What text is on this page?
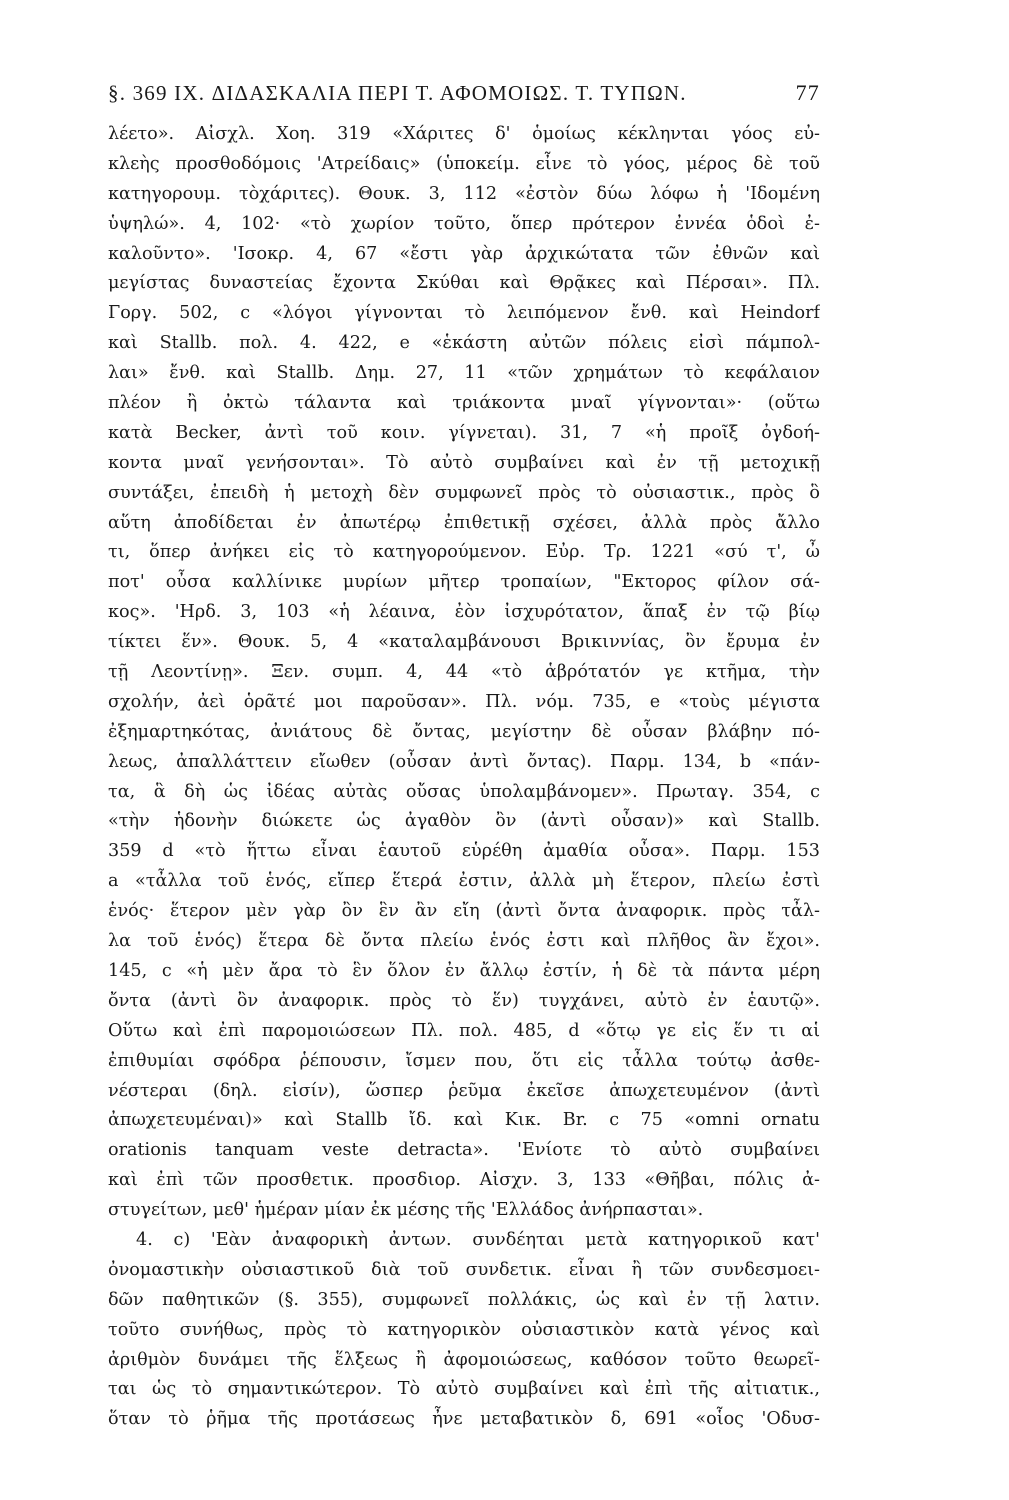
§. 369 IX. ΔΙΔΑΣΚΑΛΙΑ ΠΕΡΙ Τ. ΑΦΟΜΟΙΩΣ. Τ. ΤΥΠΩΝ.	77
λέετο». Αἰσχλ. Χοη. 319 «Χάριτες δ' ὁμοίως κέκληνται γόος εὐ-
κλεὴς προσθοδόμοις 'Ατρείδαις» (ὑποκείμ. εἶνε τὸ γόος, μέρος δὲ τοῦ
κατηγορουμ. τὸχάριτες). Θουκ. 3, 112 «ἐστὸν δύω λόφω ἡ 'Ιδομένη
ὑψηλώ». 4, 102· «τὸ χωρίον τοῦτο, ὅπερ πρότερον ἐννέα ὁδοὶ ἐ-
καλοῦντο». 'Ισοκρ. 4, 67 «ἔστι γὰρ ἀρχικώτατα τῶν ἐθνῶν καὶ
μεγίστας δυναστείας ἔχοντα Σκύθαι καὶ Θρᾷκες καὶ Πέρσαι». Πλ.
Γοργ. 502, c «λόγοι γίγνονται τὸ λειπόμενον ἔνθ. καὶ Heindorf
καὶ Stallb. πολ. 4. 422, e «ἑκάστη αὐτῶν πόλεις εἰσὶ πάμπολ-
λαι» ἔνθ. καὶ Stallb. Δημ. 27, 11 «τῶν χρημάτων τὸ κεφάλαιον
πλέον ἢ ὀκτὼ τάλαντα καὶ τριάκοντα μναῖ γίγνονται»· (οὕτω
κατὰ Becker, ἀντὶ τοῦ κοιν. γίγνεται). 31, 7 «ἡ προῖξ ὀγδοή-
κοντα μναῖ γενήσονται». Τὸ αὐτὸ συμβαίνει καὶ ἐν τῇ μετοχικῇ
συντάξει, ἐπειδὴ ἡ μετοχὴ δὲν συμφωνεῖ πρὸς τὸ οὐσιαστικ., πρὸς ὃ
αὕτη ἀποδίδεται ἐν ἀπωτέρῳ ἐπιθετικῇ σχέσει, ἀλλὰ πρὸς ἄλλο
τι, ὅπερ ἀνήκει εἰς τὸ κατηγορούμενον. Εὐρ. Τρ. 1221 «σύ τ', ὦ
ποτ' οὖσα καλλίνικε μυρίων μῆτερ τροπαίων, "Εκτορος φίλον σά-
κος». 'Ηρδ. 3, 103 «ἡ λέαινα, ἐὸν ἰσχυρότατον, ἅπαξ ἐν τῷ βίῳ
τίκτει ἕν». Θουκ. 5, 4 «καταλαμβάνουσι Βρικιννίας, ὂν ἔρυμα ἐν
τῇ Λεοντίνῃ». Ξεν. συμπ. 4, 44 «τὸ ἁβρότατόν γε κτῆμα, τὴν
σχολήν, ἀεὶ ὁρᾶτέ μοι παροῦσαν». Πλ. νόμ. 735, e «τοὺς μέγιστα
ἐξημαρτηκότας, ἀνιάτους δὲ ὄντας, μεγίστην δὲ οὖσαν βλάβην πό-
λεως, ἀπαλλάττειν εἴωθεν (οὖσαν ἀντὶ ὄντας). Παρμ. 134, b «πάν-
τα, ἃ δὴ ὡς ἰδέας αὐτὰς οὔσας ὑπολαμβάνομεν». Πρωταγ. 354, c
«τὴν ἡδονὴν διώκετε ὡς ἀγαθὸν ὂν (ἀντὶ οὖσαν)» καὶ Stallb.
359 d «τὸ ἥττω εἶναι ἑαυτοῦ εὑρέθη ἀμαθία οὖσα». Παρμ. 153
a «τἆλλα τοῦ ἑνός, εἴπερ ἕτερά ἐστιν, ἀλλὰ μὴ ἕτερον, πλείω ἐστὶ
ἑνός· ἕτερον μὲν γὰρ ὂν ἓν ἂν εἴη (ἀντὶ ὄντα ἀναφορικ. πρὸς τἆλ-
λα τοῦ ἑνός) ἕτερα δὲ ὄντα πλείω ἑνός ἐστι καὶ πλῆθος ἂν ἔχοι».
145, c «ἡ μὲν ἄρα τὸ ἓν ὅλον ἐν ἄλλῳ ἐστίν, ἡ δὲ τὰ πάντα μέρη
ὄντα (ἀντὶ ὂν ἀναφορικ. πρὸς τὸ ἕν) τυγχάνει, αὐτὸ ἐν ἑαυτῷ».
Οὕτω καὶ ἐπὶ παρομοιώσεων Πλ. πολ. 485, d «ὅτῳ γε εἰς ἕν τι αἱ
ἐπιθυμίαι σφόδρα ῥέπουσιν, ἴσμεν που, ὅτι εἰς τἆλλα τούτῳ ἀσθε-
νέστεραι (δηλ. εἰσίν), ὥσπερ ῥεῦμα ἐκεῖσε ἀπωχετευμένον (ἀντὶ
ἀπωχετευμέναι)» καὶ Stallb ἴδ. καὶ Κικ. Br. c 75 «omni ornatu
orationis tanquam veste detracta». 'Ενίοτε τὸ αὐτὸ συμβαίνει
καὶ ἐπὶ τῶν προσθετικ. προσδιορ. Αἰσχν. 3, 133 «Θῆβαι, πόλις ἀ-
στυγείτων, μεθ' ἡμέραν μίαν ἐκ μέσης τῆς 'Ελλάδος ἀνήρπασται».
4. c) 'Εὰν ἀναφορικὴ ἀντων. συνδέηται μετὰ κατηγορικοῦ κατ'
ὀνομαστικὴν οὐσιαστικοῦ διὰ τοῦ συνδετικ. εἶναι ἢ τῶν συνδεσμοει-
δῶν παθητικῶν (§. 355), συμφωνεῖ πολλάκις, ὡς καὶ ἐν τῇ λατιν.
τοῦτο συνήθως, πρὸς τὸ κατηγορικὸν οὐσιαστικὸν κατὰ γένος καὶ
ἀριθμὸν δυνάμει τῆς ἕλξεως ἢ ἀφομοιώσεως, καθόσον τοῦτο θεωρεῖ-
ται ὡς τὸ σημαντικώτερον. Τὸ αὐτὸ συμβαίνει καὶ ἐπὶ τῆς αἰτιατικ.,
ὅταν τὸ ῥῆμα τῆς προτάσεως ἦνε μεταβατικὸν δ, 691 «οἷος 'Οδυσ-
